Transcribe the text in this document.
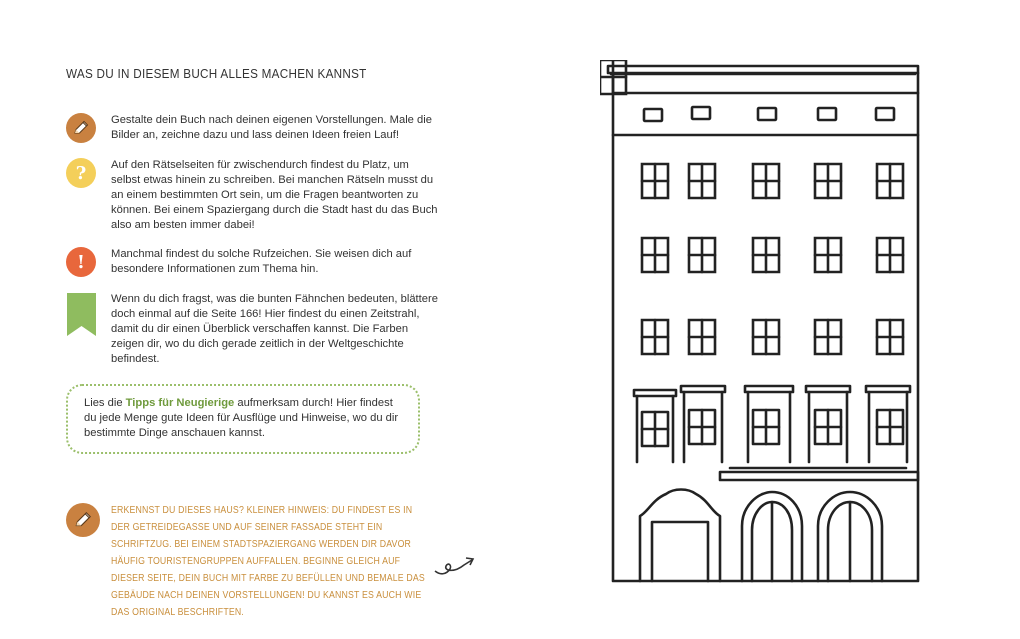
WAS DU IN DIESEM BUCH ALLES MACHEN KANNST
Gestalte dein Buch nach deinen eigenen Vorstellungen. Male die Bilder an, zeichne dazu und lass deinen Ideen freien Lauf!
? Auf den Rätselseiten für zwischendurch findest du Platz, um selbst etwas hinein zu schreiben. Bei manchen Rätseln musst du an einem bestimmten Ort sein, um die Fragen beantworten zu können. Bei einem Spaziergang durch die Stadt hast du das Buch also am besten immer dabei!
! Manchmal findest du solche Rufzeichen. Sie weisen dich auf besondere Informationen zum Thema hin.
Wenn du dich fragst, was die bunten Fähnchen bedeuten, blättere doch einmal auf die Seite 166! Hier findest du einen Zeitstrahl, damit du dir einen Überblick verschaffen kannst. Die Farben zeigen dir, wo du dich gerade zeitlich in der Weltgeschichte befindest.
Lies die Tipps für Neugierige aufmerksam durch! Hier findest du jede Menge gute Ideen für Ausflüge und Hinweise, wo du dir bestimmte Dinge anschauen kannst.
ERKENNST DU DIESES HAUS? KLEINER HINWEIS: DU FINDEST ES IN DER GETREIDEGASSE UND AUF SEINER FASSADE STEHT EIN SCHRIFTZUG. BEI EINEM STADTSPAZIERGANG WERDEN DIR DAVOR HÄUFIG TOURISTENGRUPPEN AUFFALLEN. BEGINNE GLEICH AUF DIESER SEITE, DEIN BUCH MIT FARBE ZU BEFÜLLEN UND BEMALE DAS GEBÄUDE NACH DEINEN VORSTELLUNGEN! DU KANNST ES AUCH WIE DAS ORIGINAL BESCHRIFTEN.
